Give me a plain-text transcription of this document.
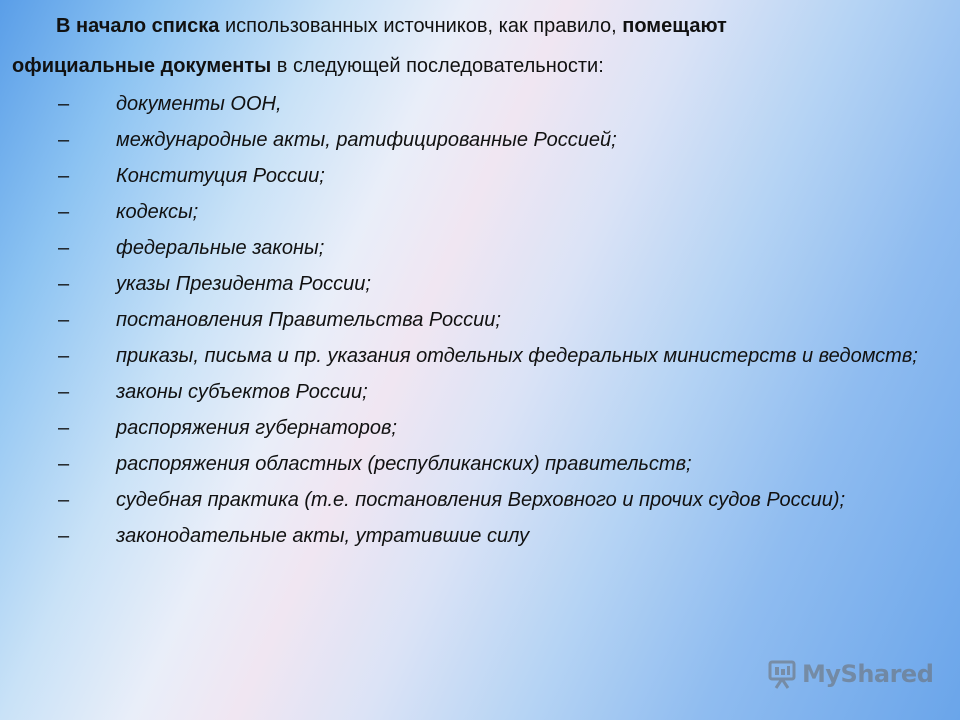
В начало списка использованных источников, как правило, помещают
официальные документы в следующей последовательности:
– документы ООН,
– международные акты, ратифицированные Россией;
– Конституция России;
– кодексы;
– федеральные законы;
– указы Президента России;
– постановления Правительства России;
– приказы, письма и пр. указания отдельных федеральных министерств и ведомств;
– законы субъектов России;
– распоряжения губернаторов;
– распоряжения областных (республиканских) правительств;
– судебная практика (т.е. постановления Верховного и прочих судов России);
– законодательные акты, утратившие силу
MyShared
